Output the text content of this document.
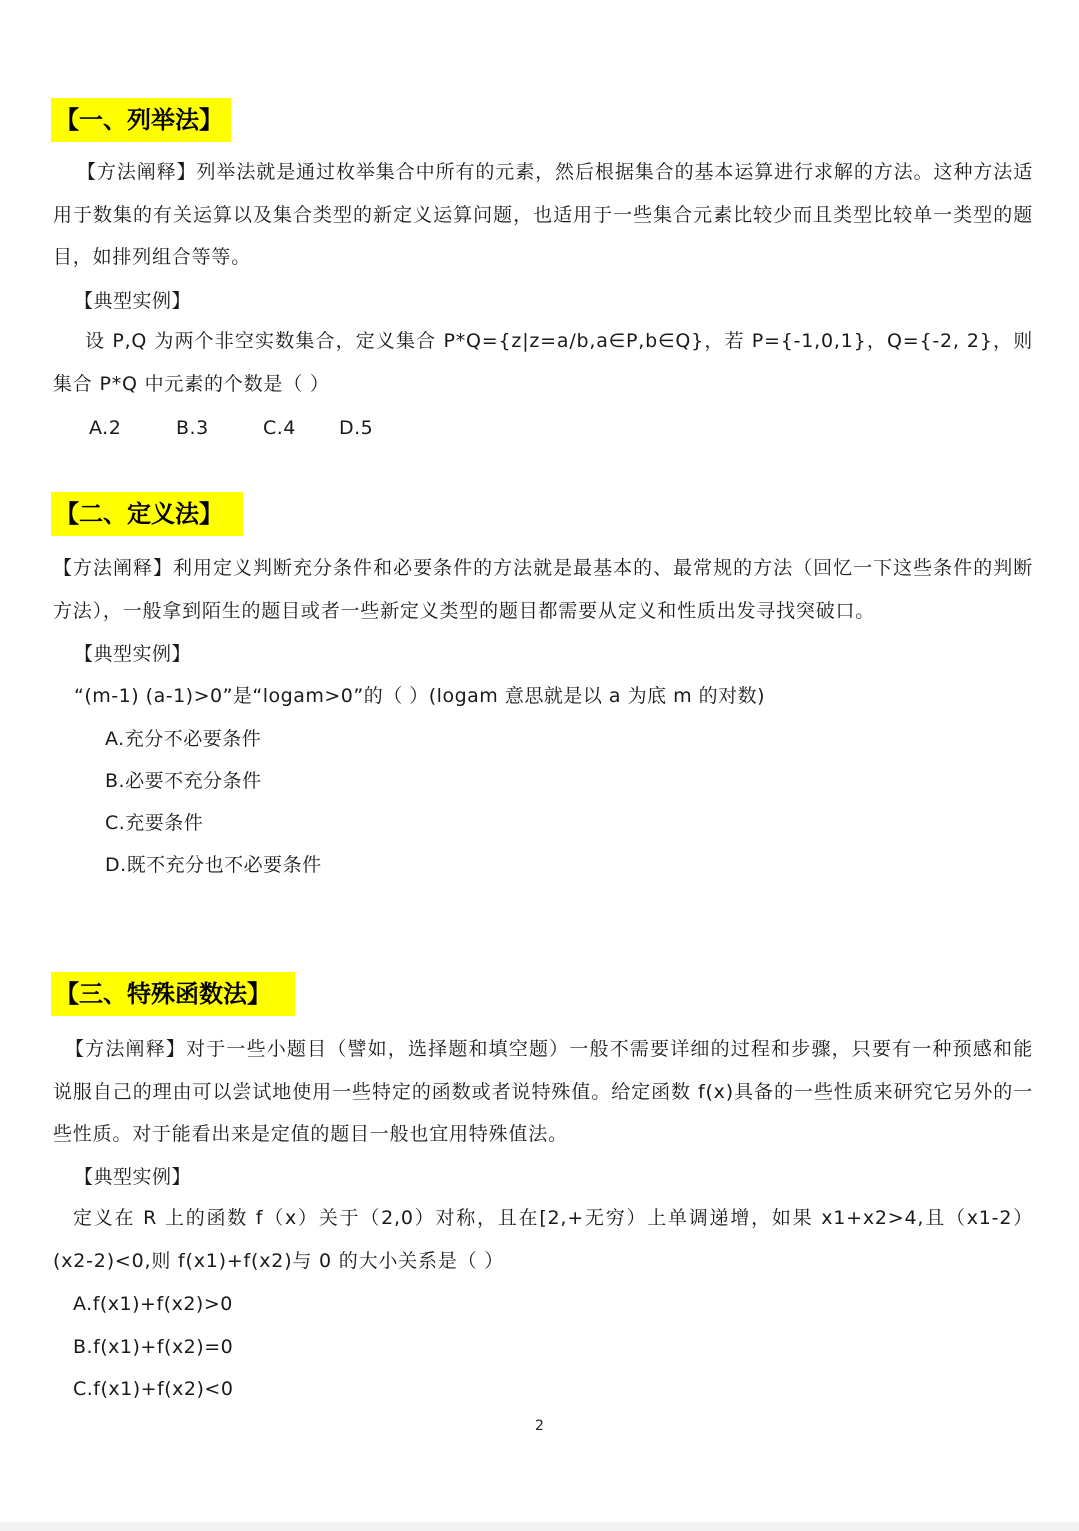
【一、列举法】
【方法阐释】列举法就是通过枚举集合中所有的元素，然后根据集合的基本运算进行求解的方法。这种方法适用于数集的有关运算以及集合类型的新定义运算问题，也适用于一些集合元素比较少而且类型比较单一类型的题目，如排列组合等等。
【典型实例】
设 P,Q 为两个非空实数集合，定义集合 P*Q={z|z=a/b,a∈P,b∈Q}，若 P={-1,0,1}，Q={-2, 2}，则集合 P*Q 中元素的个数是（ ）
A.2	B.3	C.4 D.5
【二、定义法】
【方法阐释】利用定义判断充分条件和必要条件的方法就是最基本的、最常规的方法（回忆一下这些条件的判断方法），一般拿到陌生的题目或者一些新定义类型的题目都需要从定义和性质出发寻找突破口。
【典型实例】
“(m-1) (a-1)>0”是“logam>0”的（ ）(logam 意思就是以 a 为底 m 的对数)
A.充分不必要条件
B.必要不充分条件
C.充要条件
D.既不充分也不必要条件
【三、特殊函数法】
【方法阐释】对于一些小题目（譬如，选择题和填空题）一般不需要详细的过程和步骤，只要有一种预感和能说服自己的理由可以尝试地使用一些特定的函数或者说特殊值。给定函数 f(x)具备的一些性质来研究它另外的一些性质。对于能看出来是定值的题目一般也宜用特殊值法。
【典型实例】
定义在 R 上的函数 f（x）关于（2,0）对称，且在[2,+无穷）上单调递增，如果 x1+x2>4,且（x1-2）(x2-2)<0,则 f(x1)+f(x2)与 0 的大小关系是（ ）
A.f(x1)+f(x2)>0
B.f(x1)+f(x2)=0
C.f(x1)+f(x2)<0
2
